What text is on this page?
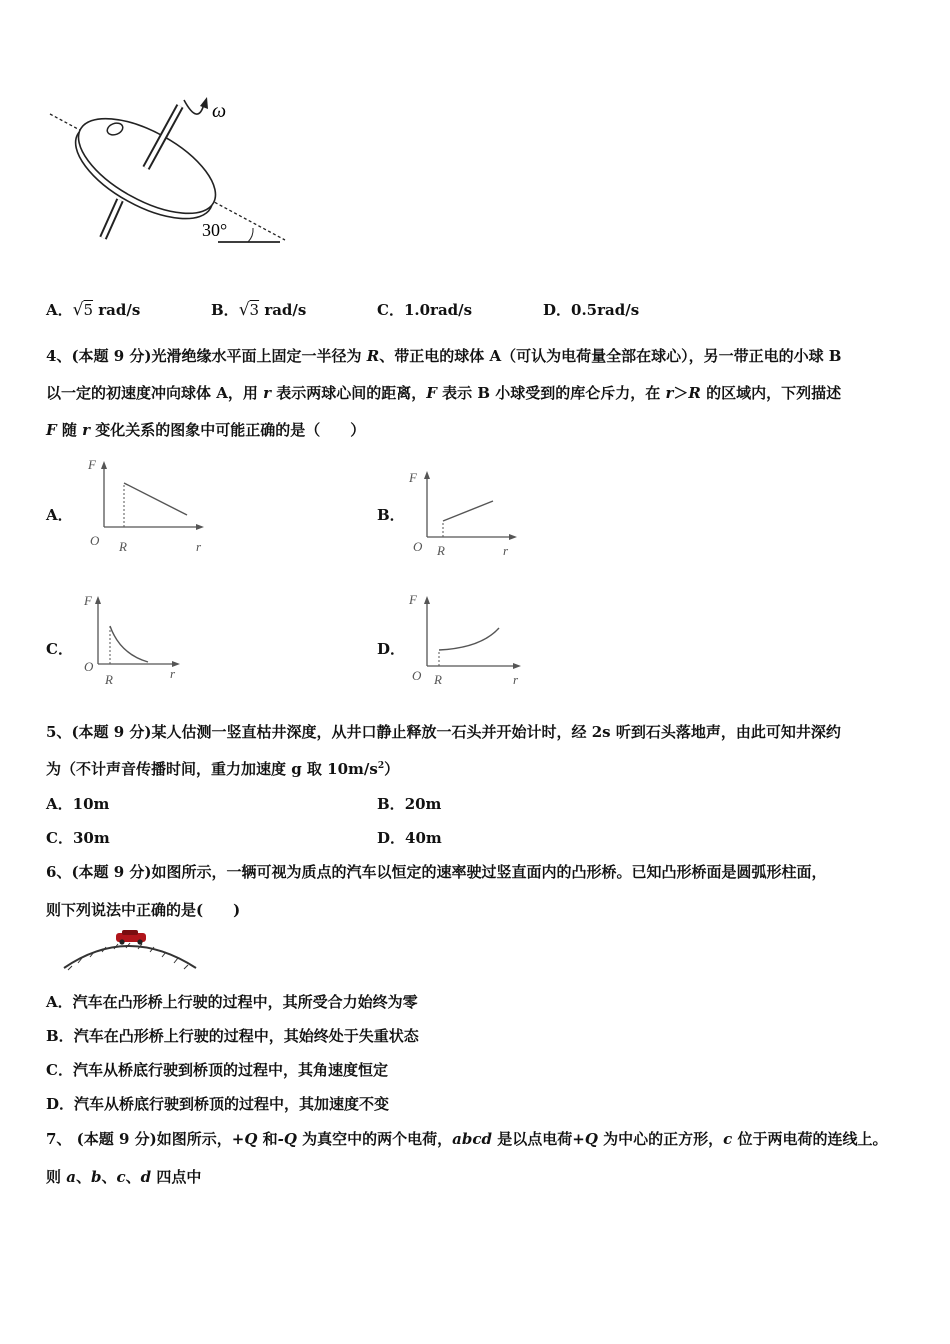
ω
30°
A．√5 rad/s	B．√3 rad/s	C．1.0rad/s	D．0.5rad/s
4、(本题 9 分)光滑绝缘水平面上固定一半径为 R、带正电的球体 A（可认为电荷量全部在球心），另一带正电的小球 B
以一定的初速度冲向球体 A，用 r 表示两球心间的距离，F 表示 B 小球受到的库仑斥力，在 r＞R 的区域内，下列描述
F 随 r 变化关系的图象中可能正确的是（　　）
A．
F
O R	r
B．
F
O R	r
C．
F
O
R	r
D．
F
O R	r
5、(本题 9 分)某人估测一竖直枯井深度，从井口静止释放一石头并开始计时，经 2s 听到石头落地声，由此可知井深约
为（不计声音传播时间，重力加速度 g 取 $10m/s^2$）
A．10m	B．20m
C．30m	D．40m
6、(本题 9 分)如图所示，一辆可视为质点的汽车以恒定的速率驶过竖直面内的凸形桥。已知凸形桥面是圆弧形柱面，
则下列说法中正确的是(　　)
A．汽车在凸形桥上行驶的过程中，其所受合力始终为零
B．汽车在凸形桥上行驶的过程中，其始终处于失重状态
C．汽车从桥底行驶到桥顶的过程中，其角速度恒定
D．汽车从桥底行驶到桥顶的过程中，其加速度不变
7、 (本题 9 分)如图所示，+Q 和-Q 为真空中的两个电荷，abcd 是以点电荷+Q 为中心的正方形，c 位于两电荷的连线上。
则 a、b、c、d 四点中
